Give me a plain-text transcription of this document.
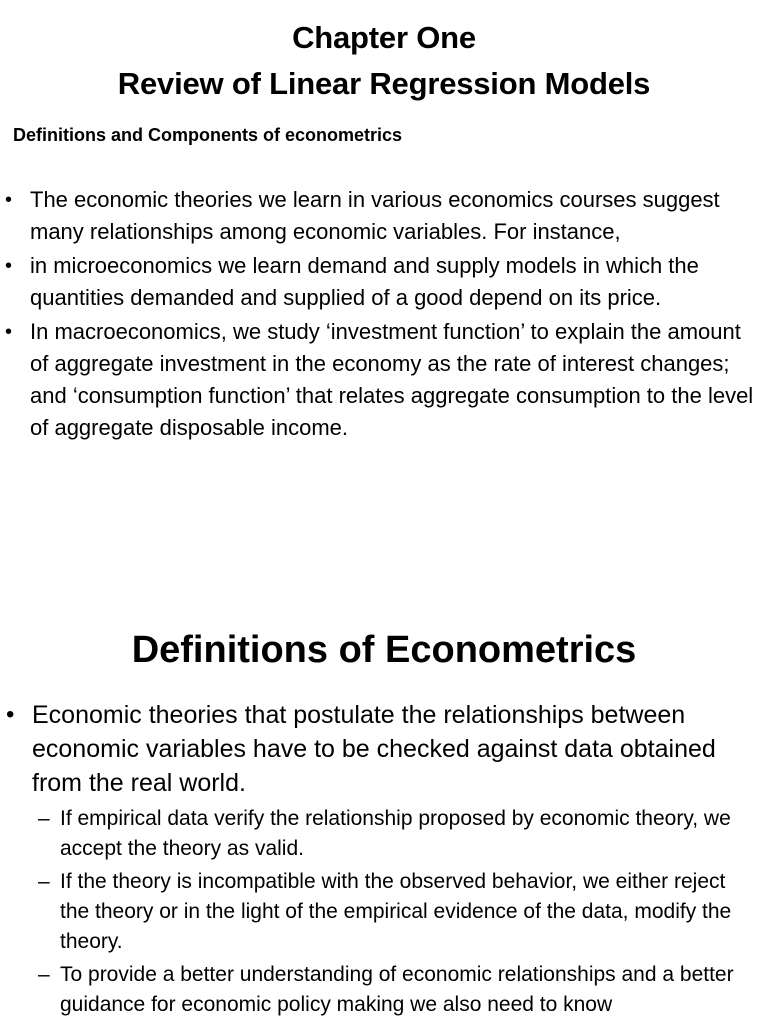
Chapter One
Review of Linear Regression Models
Definitions and Components of econometrics
• The economic theories we learn in various economics courses suggest many relationships among economic variables. For instance,
• in microeconomics we learn demand and supply models in which the quantities demanded and supplied of a good depend on its price.
• In macroeconomics, we study ‘investment function’ to explain the amount of aggregate investment in the economy as the rate of interest changes; and ‘consumption function’ that relates aggregate consumption to the level of aggregate disposable income.
Definitions of Econometrics
• Economic theories that postulate the relationships between economic variables have to be checked against data obtained from the real world.
– If empirical data verify the relationship proposed by economic theory, we accept the theory as valid.
– If the theory is incompatible with the observed behavior, we either reject the theory or in the light of the empirical evidence of the data, modify the theory.
– To provide a better understanding of economic relationships and a better guidance for economic policy making we also need to know
